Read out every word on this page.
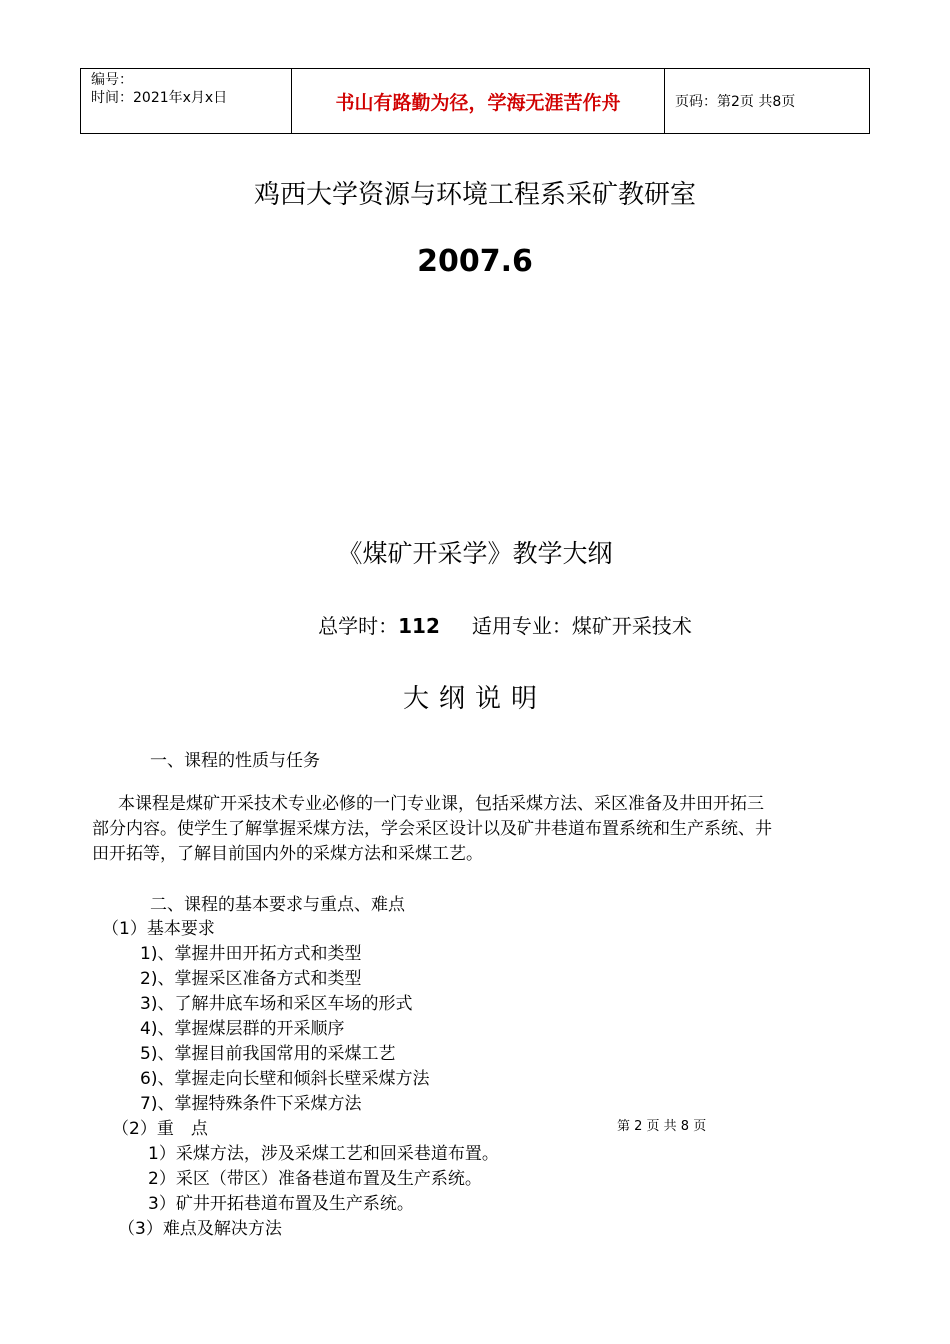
编号：
时间：2021年x月x日	书山有路勤为径，学海无涯苦作舟	页码：第2页 共8页
鸡西大学资源与环境工程系采矿教研室
2007.6
《煤矿开采学》教学大纲
总学时：112 适用专业：煤矿开采技术
大纲说明
一、课程的性质与任务
本课程是煤矿开采技术专业必修的一门专业课，包括采煤方法、采区准备及井田开拓三
部分内容。使学生了解掌握采煤方法，学会采区设计以及矿井巷道布置系统和生产系统、井
田开拓等，了解目前国内外的采煤方法和采煤工艺。
二、课程的基本要求与重点、难点
（1）基本要求
1)、掌握井田开拓方式和类型
2)、掌握采区准备方式和类型
3)、了解井底车场和采区车场的形式
4)、掌握煤层群的开采顺序
5)、掌握目前我国常用的采煤工艺
6)、掌握走向长壁和倾斜长壁采煤方法
7)、掌握特殊条件下采煤方法
（2）重　点	第 2 页 共 8 页
1）采煤方法，涉及采煤工艺和回采巷道布置。
2）采区（带区）准备巷道布置及生产系统。
3）矿井开拓巷道布置及生产系统。
（3）难点及解决方法
